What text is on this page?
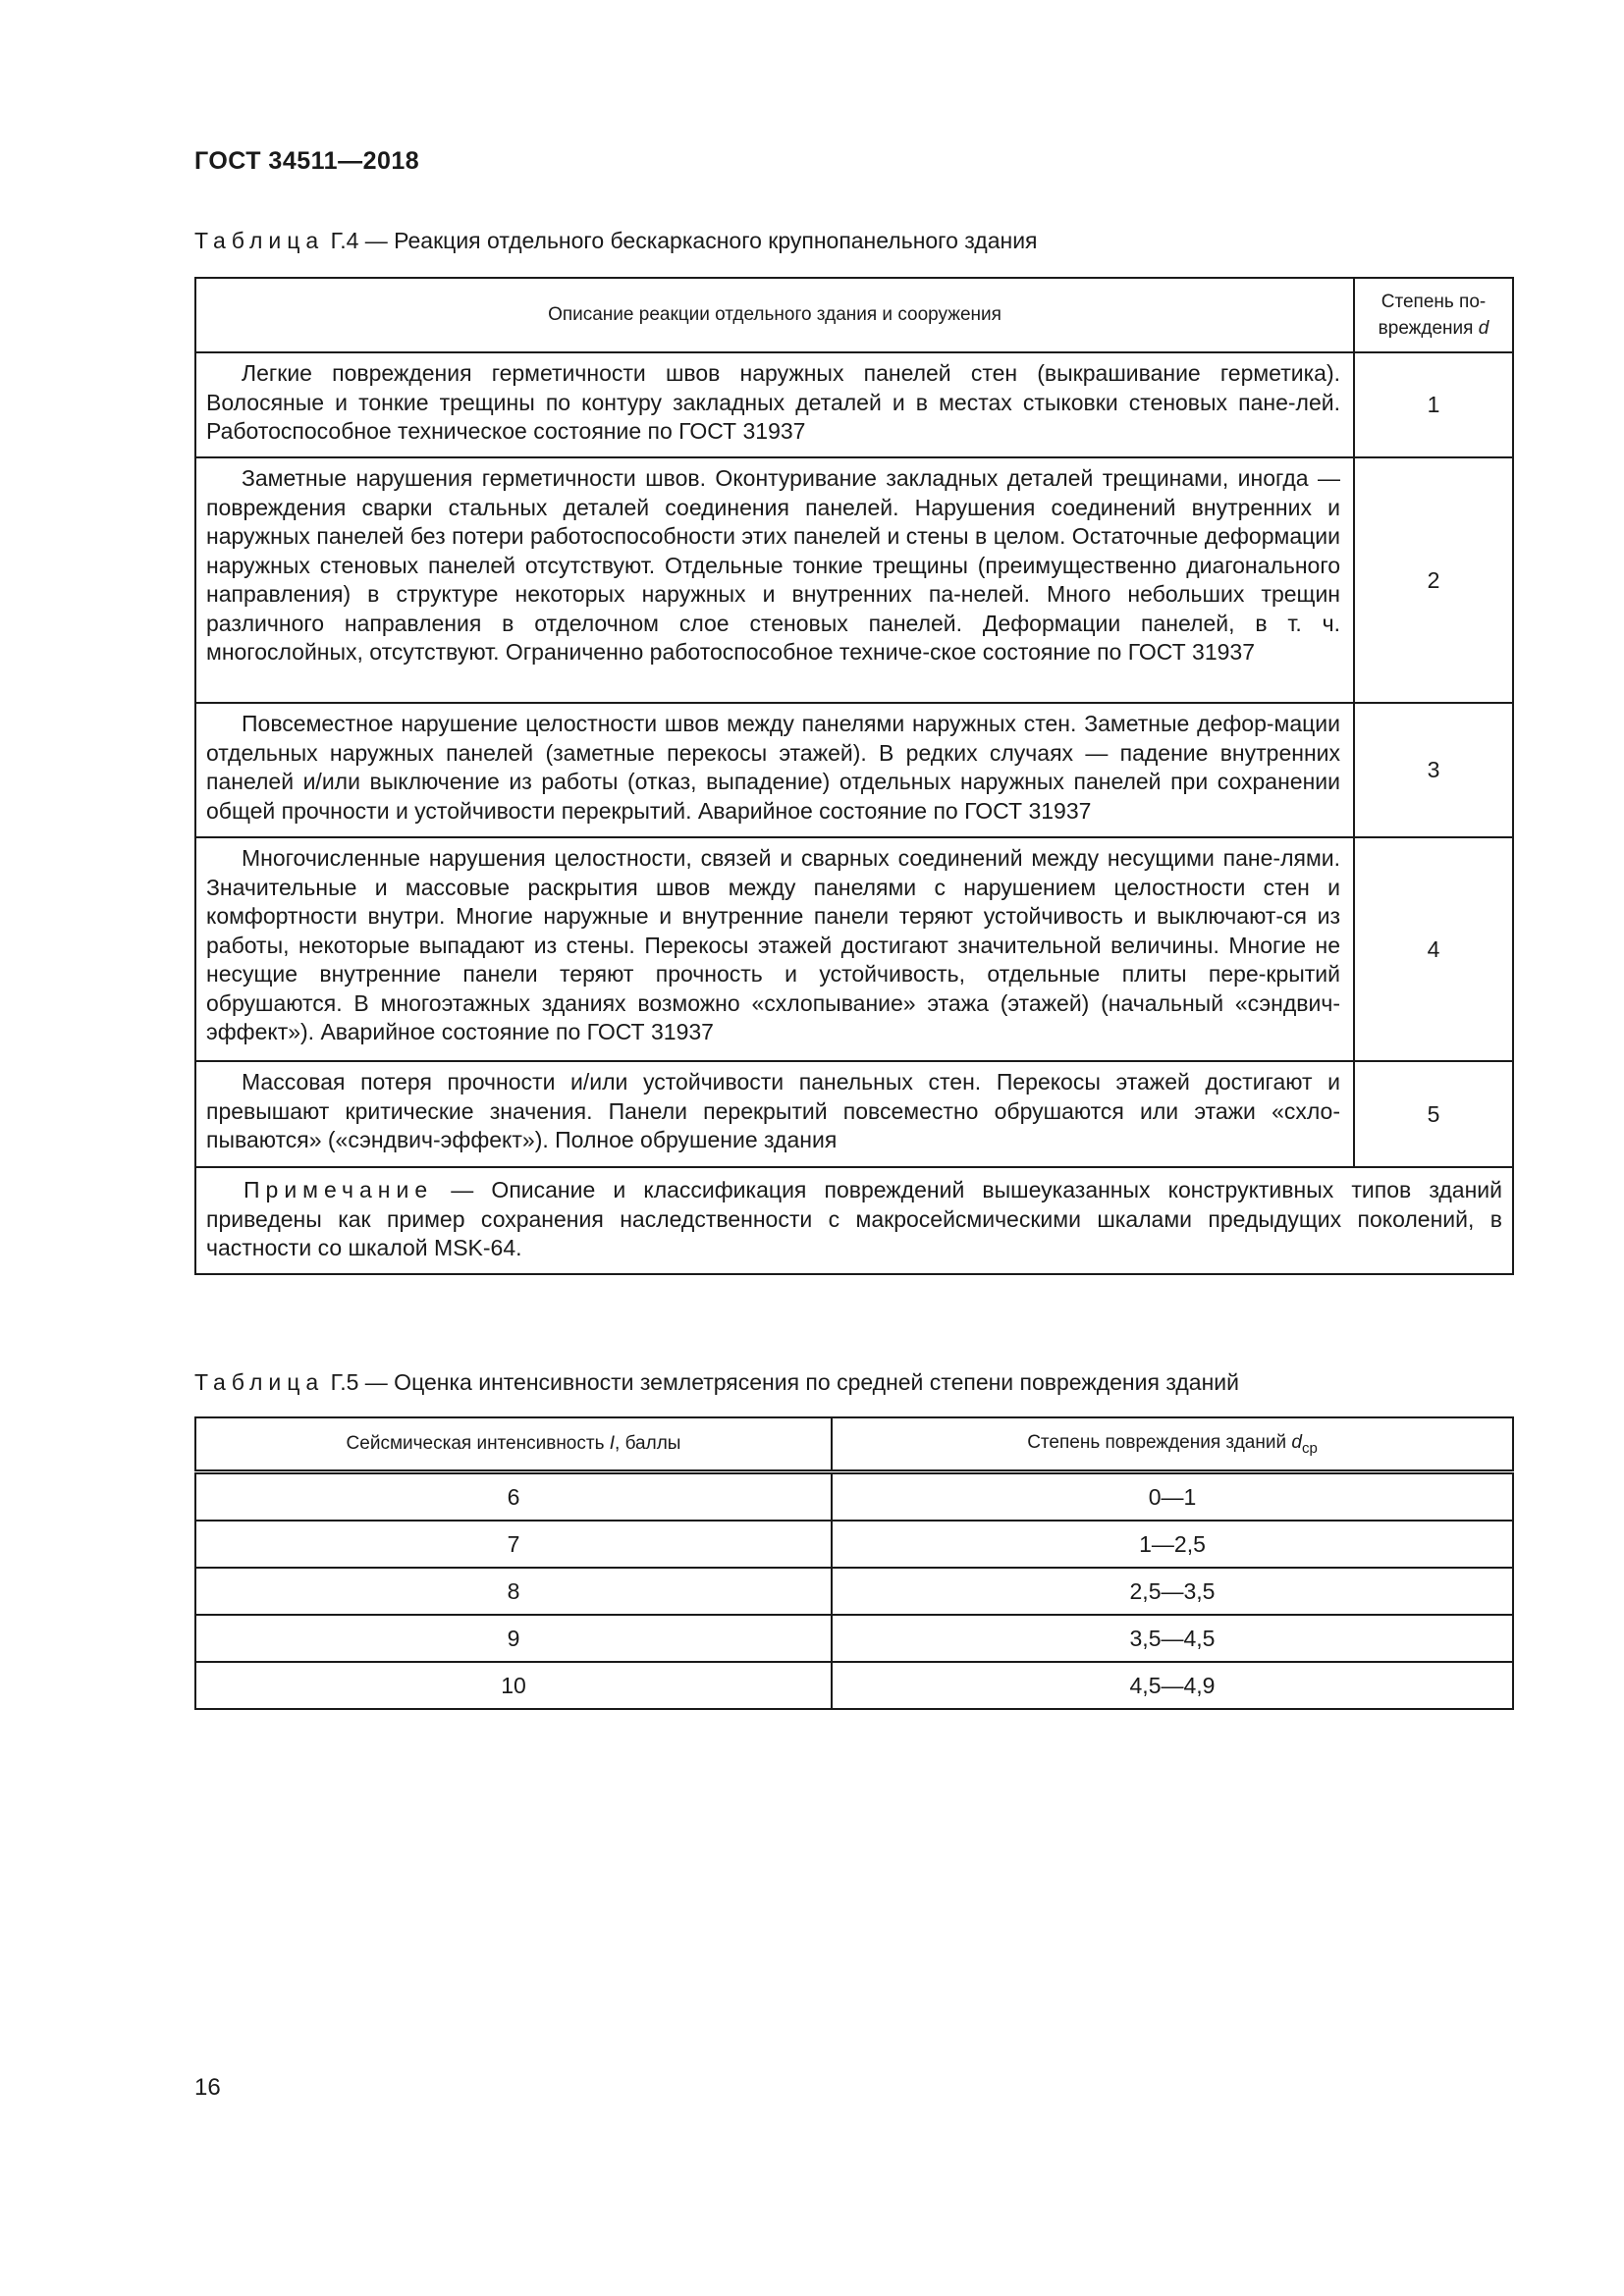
ГОСТ 34511—2018
Таблица Г.4 — Реакция отдельного бескаркасного крупнопанельного здания
Описание реакции отдельного здания и сооружения	Степень по-вреждения d
Легкие повреждения герметичности швов наружных панелей стен (выкрашивание герметика). Волосяные и тонкие трещины по контуру закладных деталей и в местах стыковки стеновых пане-лей. Работоспособное техническое состояние по ГОСТ 31937	1
Заметные нарушения герметичности швов. Оконтуривание закладных деталей трещинами, иногда — повреждения сварки стальных деталей соединения панелей. Нарушения соединений внутренних и наружных панелей без потери работоспособности этих панелей и стены в целом. Остаточные деформации наружных стеновых панелей отсутствуют. Отдельные тонкие трещины (преимущественно диагонального направления) в структуре некоторых наружных и внутренних па-нелей. Много небольших трещин различного направления в отделочном слое стеновых панелей. Деформации панелей, в т. ч. многослойных, отсутствуют. Ограниченно работоспособное техниче-ское состояние по ГОСТ 31937	2
Повсеместное нарушение целостности швов между панелями наружных стен. Заметные дефор-мации отдельных наружных панелей (заметные перекосы этажей). В редких случаях — падение внутренних панелей и/или выключение из работы (отказ, выпадение) отдельных наружных панелей при сохранении общей прочности и устойчивости перекрытий. Аварийное состояние по ГОСТ 31937	3
Многочисленные нарушения целостности, связей и сварных соединений между несущими пане-лями. Значительные и массовые раскрытия швов между панелями с нарушением целостности стен и комфортности внутри. Многие наружные и внутренние панели теряют устойчивость и выключают-ся из работы, некоторые выпадают из стены. Перекосы этажей достигают значительной величины. Многие не несущие внутренние панели теряют прочность и устойчивость, отдельные плиты пере-крытий обрушаются. В многоэтажных зданиях возможно «схлопывание» этажа (этажей) (начальный «сэндвич-эффект»). Аварийное состояние по ГОСТ 31937	4
Массовая потеря прочности и/или устойчивости панельных стен. Перекосы этажей достигают и превышают критические значения. Панели перекрытий повсеместно обрушаются или этажи «схло-пываются» («сэндвич-эффект»). Полное обрушение здания	5
Примечание — Описание и классификация повреждений вышеуказанных конструктивных типов зданий приведены как пример сохранения наследственности с макросейсмическими шкалами предыдущих поколений, в частности со шкалой MSK-64.	
Таблица Г.5 — Оценка интенсивности землетрясения по средней степени повреждения зданий
Сейсмическая интенсивность I, баллы	Степень повреждения зданий $d_{ср}$
6	0—1
7	1—2,5
8	2,5—3,5
9	3,5—4,5
10	4,5—4,9
16
